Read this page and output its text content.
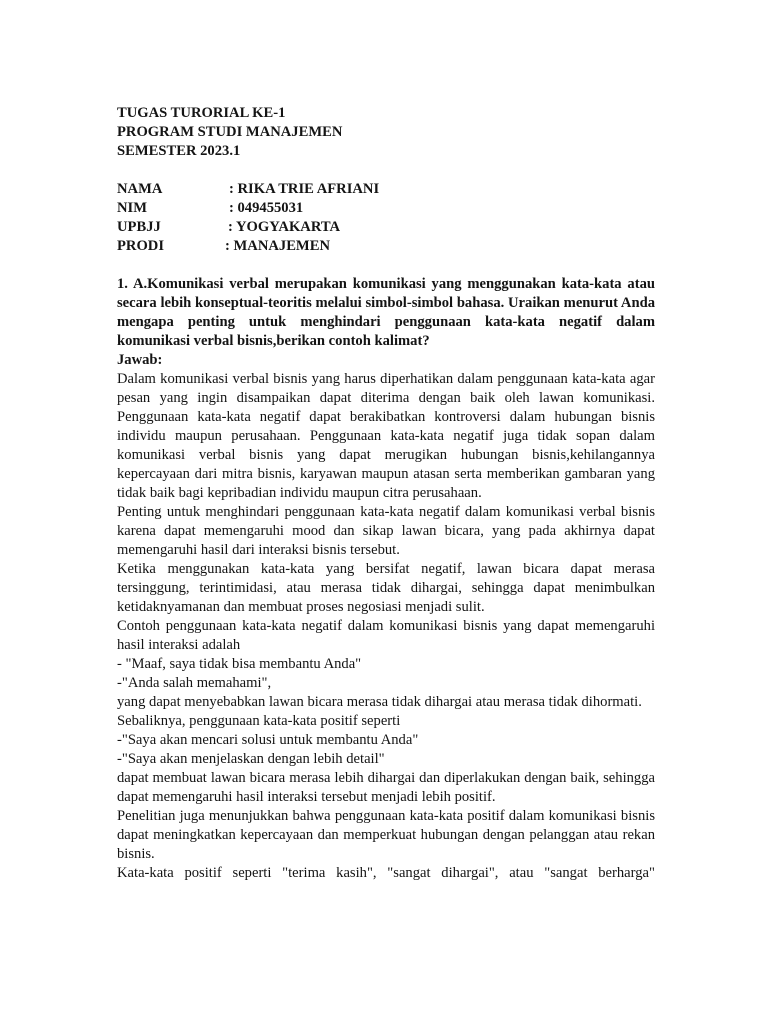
TUGAS TURORIAL KE-1
PROGRAM STUDI MANAJEMEN
SEMESTER 2023.1
NAMA	: RIKA TRIE AFRIANI
NIM	: 049455031
UPBJJ	: YOGYAKARTA
PRODI	: MANAJEMEN

1. A.Komunikasi verbal merupakan komunikasi yang menggunakan kata-kata atau secara lebih konseptual-teoritis melalui simbol-simbol bahasa. Uraikan menurut Anda mengapa penting untuk menghindari penggunaan kata-kata negatif dalam komunikasi verbal bisnis,berikan contoh kalimat?

Jawab:

Dalam komunikasi verbal bisnis yang harus diperhatikan dalam penggunaan kata-kata agar pesan yang ingin disampaikan dapat diterima dengan baik oleh lawan komunikasi. Penggunaan kata-kata negatif dapat berakibatkan kontroversi dalam hubungan bisnis individu maupun perusahaan. Penggunaan kata-kata negatif juga tidak sopan dalam komunikasi verbal bisnis yang dapat merugikan hubungan bisnis,kehilangannya kepercayaan dari mitra bisnis, karyawan maupun atasan serta memberikan gambaran yang tidak baik bagi kepribadian individu maupun citra perusahaan.

Penting untuk menghindari penggunaan kata-kata negatif dalam komunikasi verbal bisnis karena dapat memengaruhi mood dan sikap lawan bicara, yang pada akhirnya dapat memengaruhi hasil dari interaksi bisnis tersebut.

Ketika menggunakan kata-kata yang bersifat negatif, lawan bicara dapat merasa tersinggung, terintimidasi, atau merasa tidak dihargai, sehingga dapat menimbulkan ketidaknyamanan dan membuat proses negosiasi menjadi sulit.

Contoh penggunaan kata-kata negatif dalam komunikasi bisnis yang dapat memengaruhi hasil interaksi adalah

- "Maaf, saya tidak bisa membantu Anda"

-"Anda salah memahami",

yang dapat menyebabkan lawan bicara merasa tidak dihargai atau merasa tidak dihormati.

Sebaliknya, penggunaan kata-kata positif seperti

-"Saya akan mencari solusi untuk membantu Anda"

-"Saya akan menjelaskan dengan lebih detail"

dapat membuat lawan bicara merasa lebih dihargai dan diperlakukan dengan baik, sehingga dapat memengaruhi hasil interaksi tersebut menjadi lebih positif.

Penelitian juga menunjukkan bahwa penggunaan kata-kata positif dalam komunikasi bisnis dapat meningkatkan kepercayaan dan memperkuat hubungan dengan pelanggan atau rekan bisnis.

Kata-kata positif seperti "terima kasih", "sangat dihargai", atau "sangat berharga"
